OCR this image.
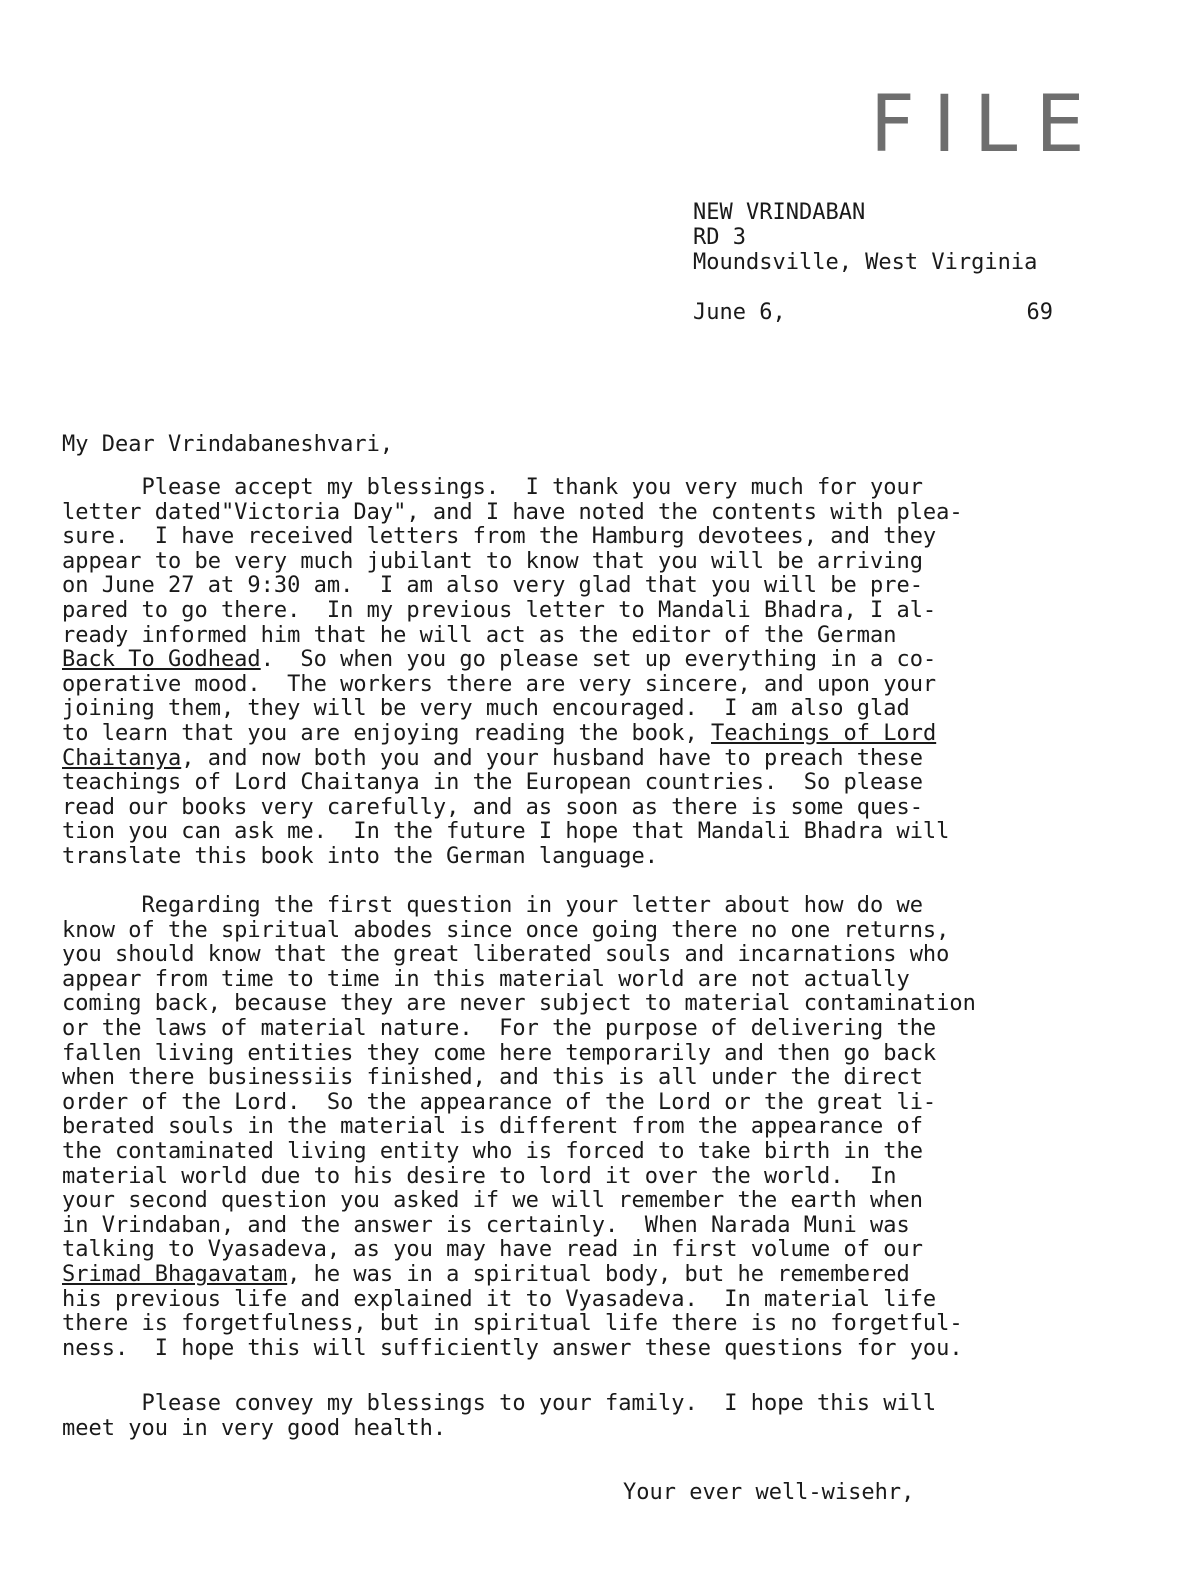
FILE
NEW VRINDABAN
RD 3
Moundsville, West Virginia
June 6,	69
My Dear Vrindabaneshvari,
Please accept my blessings.  I thank you very much for your
letter dated"Victoria Day", and I have noted the contents with plea-
sure.  I have received letters from the Hamburg devotees, and they
appear to be very much jubilant to know that you will be arriving
on June 27 at 9:30 am.  I am also very glad that you will be pre-
pared to go there.  In my previous letter to Mandali Bhadra, I al-
ready informed him that he will act as the editor of the German
Back To Godhead.  So when you go please set up everything in a co-
operative mood.  The workers there are very sincere, and upon your
joining them, they will be very much encouraged.  I am also glad
to learn that you are enjoying reading the book, Teachings of Lord
Chaitanya, and now both you and your husband have to preach these
teachings of Lord Chaitanya in the European countries.  So please
read our books very carefully, and as soon as there is some ques-
tion you can ask me.  In the future I hope that Mandali Bhadra will
translate this book into the German language.
Regarding the first question in your letter about how do we
know of the spiritual abodes since once going there no one returns,
you should know that the great liberated souls and incarnations who
appear from time to time in this material world are not actually
coming back, because they are never subject to material contamination
or the laws of material nature.  For the purpose of delivering the
fallen living entities they come here temporarily and then go back
when there businessiis finished, and this is all under the direct
order of the Lord.  So the appearance of the Lord or the great li-
berated souls in the material is different from the appearance of
the contaminated living entity who is forced to take birth in the
material world due to his desire to lord it over the world.  In
your second question you asked if we will remember the earth when
in Vrindaban, and the answer is certainly.  When Narada Muni was
talking to Vyasadeva, as you may have read in first volume of our
Srimad Bhagavatam, he was in a spiritual body, but he remembered
his previous life and explained it to Vyasadeva.  In material life
there is forgetfulness, but in spiritual life there is no forgetful-
ness.  I hope this will sufficiently answer these questions for you.
Please convey my blessings to your family.  I hope this will
meet you in very good health.
Your ever well-wisehr,
